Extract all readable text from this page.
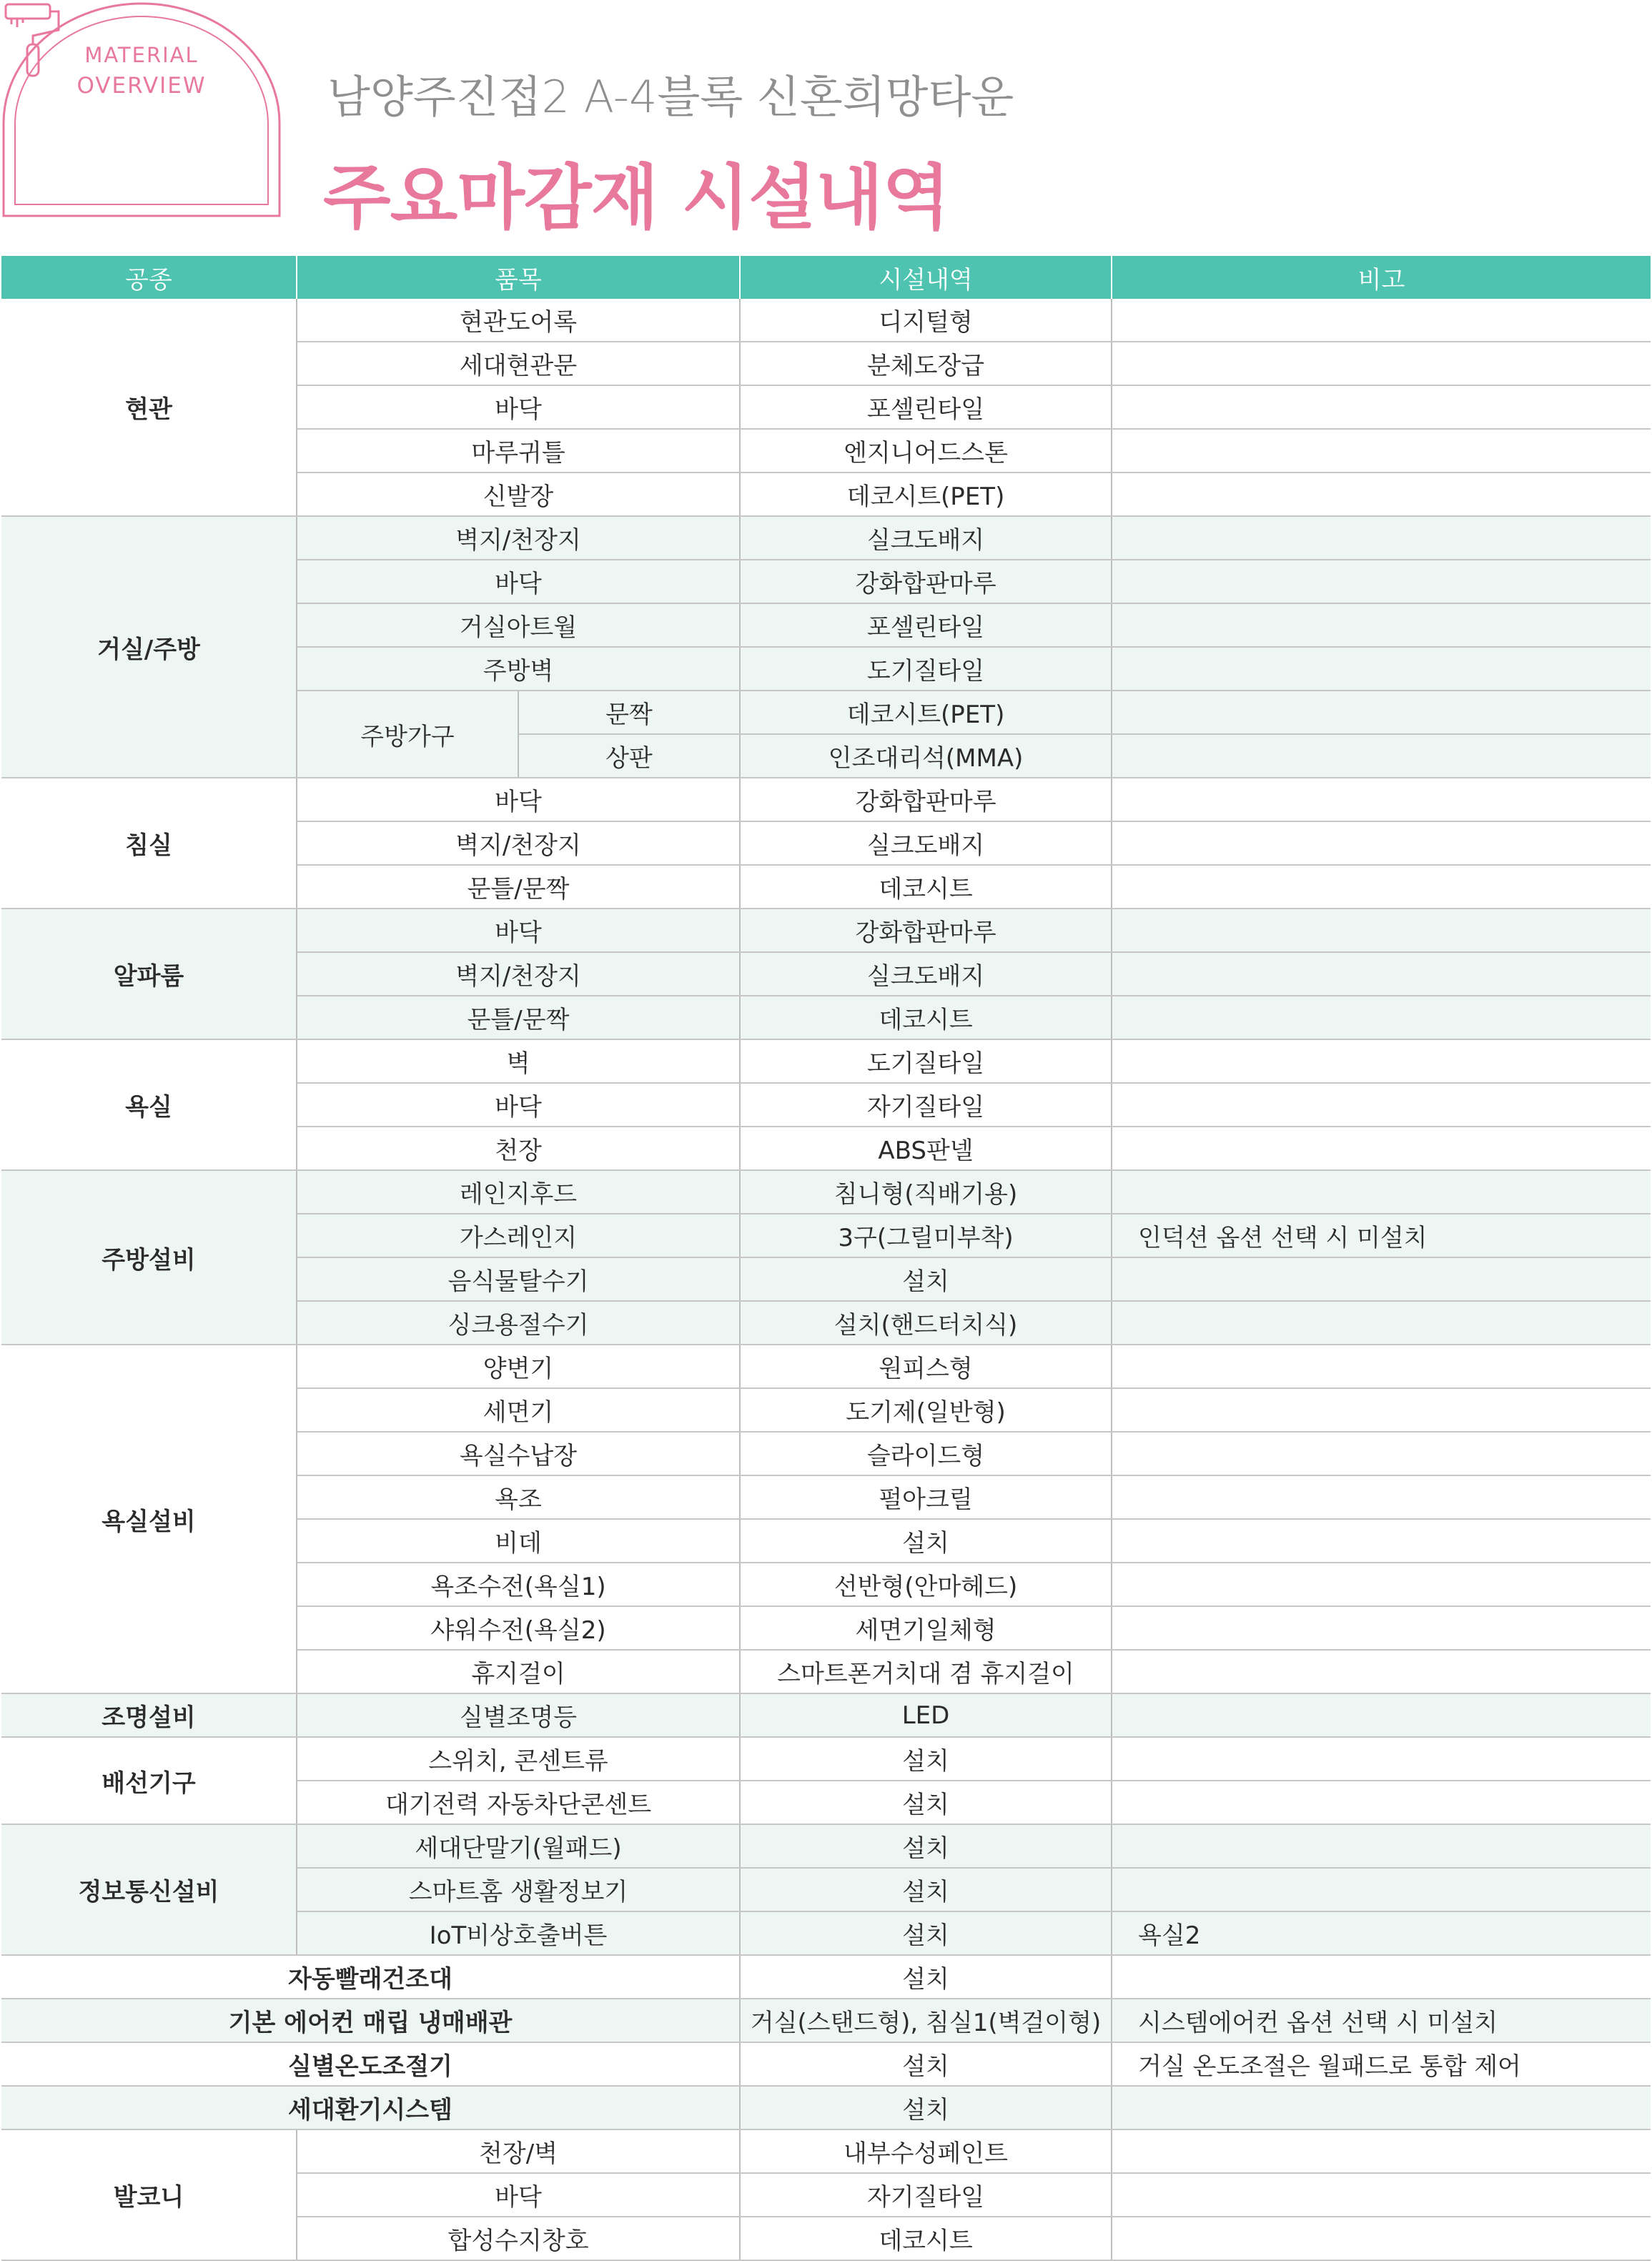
MATERIAL
OVERVIEW	남양주진접2 A-4블록 신혼희망타운
주요마감재 시설내역
공종	품목		시설내역	비고
현관	현관도어록		디지털형	
	세대현관문		분체도장급	
	바닥		포셀린타일	
	마루귀틀		엔지니어드스톤	
	신발장		데코시트(PET)	
거실/주방	벽지/천장지		실크도배지	
	바닥		강화합판마루	
	거실아트월		포셀린타일	
	주방벽		도기질타일	
	주방가구	문짝	데코시트(PET)	
		상판	인조대리석(MMA)	
침실	바닥		강화합판마루	
	벽지/천장지		실크도배지	
	문틀/문짝		데코시트	
알파룸	바닥		강화합판마루	
	벽지/천장지		실크도배지	
	문틀/문짝		데코시트	
욕실	벽		도기질타일	
	바닥		자기질타일	
	천장		ABS판넬	
주방설비	레인지후드		침니형(직배기용)	
	가스레인지		3구(그릴미부착)	인덕션 옵션 선택 시 미설치
	음식물탈수기		설치	
	싱크용절수기		설치(핸드터치식)	
욕실설비	양변기		원피스형	
	세면기		도기제(일반형)	
	욕실수납장		슬라이드형	
	욕조		펄아크릴	
	비데		설치	
	욕조수전(욕실1)		선반형(안마헤드)	
	샤워수전(욕실2)		세면기일체형	
	휴지걸이		스마트폰거치대 겸 휴지걸이	
조명설비	실별조명등		LED	
배선기구	스위치, 콘센트류		설치	
	대기전력 자동차단콘센트		설치	
정보통신설비	세대단말기(월패드)		설치	
	스마트홈 생활정보기		설치	
	IoT비상호출버튼		설치	욕실2
자동빨래건조대			설치	
기본 에어컨 매립 냉매배관			거실(스탠드형), 침실1(벽걸이형)	시스템에어컨 옵션 선택 시 미설치
실별온도조절기			설치	거실 온도조절은 월패드로 통합 제어
세대환기시스템			설치	
발코니	천장/벽		내부수성페인트	
	바닥		자기질타일	
	합성수지창호		데코시트	
